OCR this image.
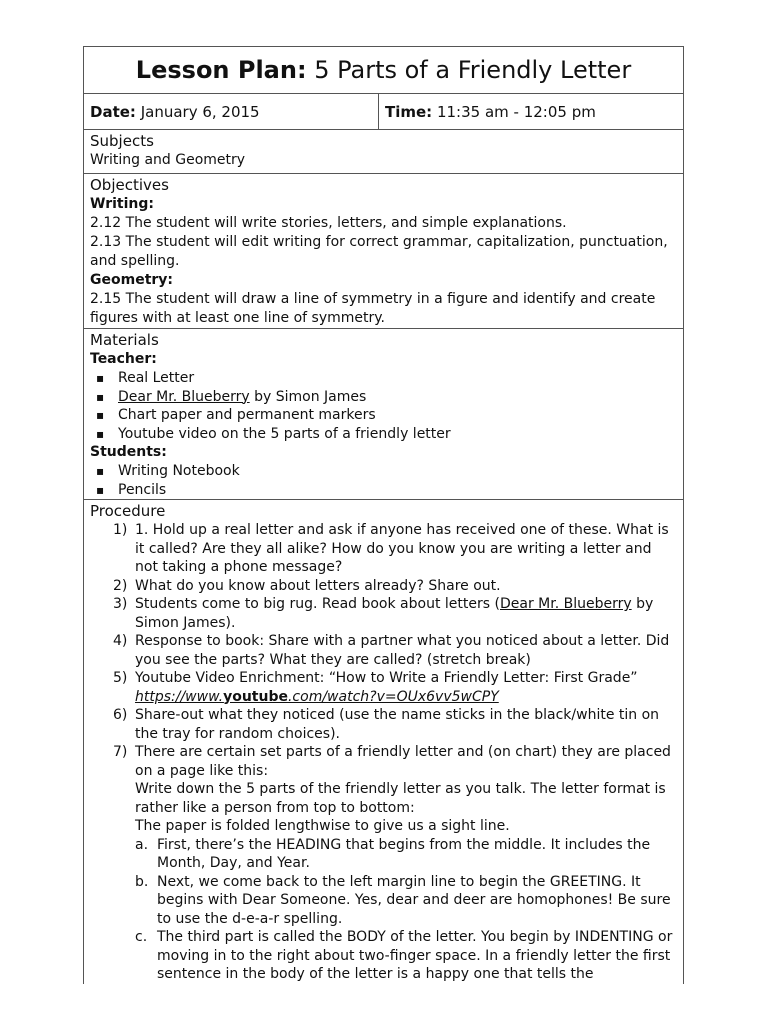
Lesson Plan: 5 Parts of a Friendly Letter
Date: January 6, 2015	Time: 11:35 am - 12:05 pm

Subjects
Writing and Geometry

Objectives
Writing:
2.12 The student will write stories, letters, and simple explanations.
2.13 The student will edit writing for correct grammar, capitalization, punctuation, and spelling.
Geometry:
2.15 The student will draw a line of symmetry in a figure and identify and create figures with at least one line of symmetry.

Materials
Teacher:
▪ Real Letter
▪ Dear Mr. Blueberry by Simon James
▪ Chart paper and permanent markers
▪ Youtube video on the 5 parts of a friendly letter
Students:
▪ Writing Notebook
▪ Pencils

Procedure
1) 1. Hold up a real letter and ask if anyone has received one of these. What is it called? Are they all alike? How do you know you are writing a letter and not taking a phone message?
2) What do you know about letters already? Share out.
3) Students come to big rug. Read book about letters (Dear Mr. Blueberry by Simon James).
4) Response to book: Share with a partner what you noticed about a letter. Did you see the parts? What they are called? (stretch break)
5) Youtube Video Enrichment: “How to Write a Friendly Letter: First Grade”
https://www.youtube.com/watch?v=OUx6vv5wCPY
6) Share-out what they noticed (use the name sticks in the black/white tin on the tray for random choices).
7) There are certain set parts of a friendly letter and (on chart) they are placed on a page like this:
Write down the 5 parts of the friendly letter as you talk. The letter format is rather like a person from top to bottom:
The paper is folded lengthwise to give us a sight line.
a. First, there’s the HEADING that begins from the middle. It includes the Month, Day, and Year.
b. Next, we come back to the left margin line to begin the GREETING. It begins with Dear Someone. Yes, dear and deer are homophones! Be sure to use the d-e-a-r spelling.
c. The third part is called the BODY of the letter. You begin by INDENTING or moving in to the right about two-finger space. In a friendly letter the first sentence in the body of the letter is a happy one that tells the
